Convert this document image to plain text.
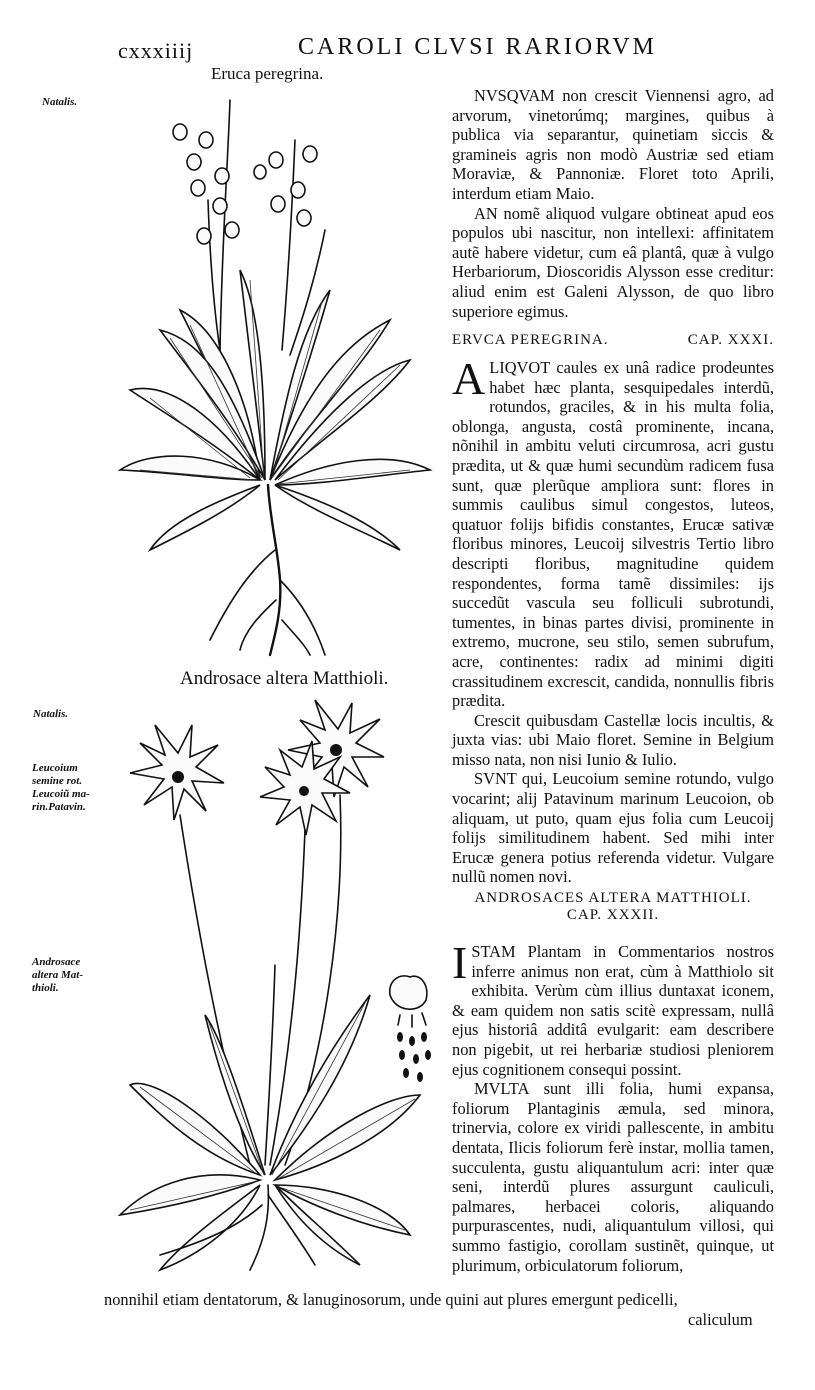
cxxxiiij	CAROLI CLVSI RARIORVM
Eruca peregrina.
Androsace altera Matthioli.
Natalis.
Natalis.
Leucoium
semine rot.
Leucoiũ ma-
rin.Patavin.
Androsace
altera Mat-
thioli.

NVSQVAM non crescit Viennensi agro, ad arvorum, vinetorúmq; margines, quibus à publica via separantur, quinetiam siccis & gramineis agris non modò Austriæ sed etiam Moraviæ, & Pannoniæ. Floret toto Aprili, interdum etiam Maio.

AN nomẽ aliquod vulgare obtineat apud eos populos ubi nascitur, non intellexi: affinitatem autẽ habere videtur, cum eâ plantâ, quæ à vulgo Herbariorum, Dioscoridis Alysson esse creditur: aliud enim est Galeni Alysson, de quo libro superiore egimus.

ERVCA PEREGRINA.	CAP. XXXI.

ALIQVOT caules ex unâ radice prodeuntes habet hæc planta, sesquipedales interdũ, rotundos, graciles, & in his multa folia, oblonga, angusta, costâ prominente, incana, nõnihil in ambitu veluti circumrosa, acri gustu prædita, ut & quæ humi secundùm radicem fusa sunt, quæ plerũque ampliora sunt: flores in summis caulibus simul congestos, luteos, quatuor folijs bifidis constantes, Erucæ sativæ floribus minores, Leucoij silvestris Tertio libro descripti floribus, magnitudine quidem respondentes, forma tamẽ dissimiles: ijs succedũt vascula seu folliculi subrotundi, tumentes, in binas partes divisi, prominente in extremo, mucrone, seu stilo, semen subrufum, acre, continentes: radix ad minimi digiti crassitudinem excrescit, candida, nonnullis fibris prædita.

Crescit quibusdam Castellæ locis incultis, & juxta vias: ubi Maio floret. Semine in Belgium misso nata, non nisi Iunio & Iulio.

SVNT qui, Leucoium semine rotundo, vulgo vocarint; alij Patavinum marinum Leucoion, ob aliquam, ut puto, quam ejus folia cum Leucoij folijs similitudinem habent. Sed mihi inter Erucæ genera potius referenda videtur. Vulgare nullũ nomen novi.

ANDROSACES ALTERA MATTHIOLI.
CAP. XXXII.

ISTAM Plantam in Commentarios nostros inferre animus non erat, cùm à Matthiolo sit exhibita. Verùm cùm illius duntaxat iconem, & eam quidem non satis scitè expressam, nullâ ejus historiâ additâ evulgarit: eam describere non pigebit, ut rei herbariæ studiosi pleniorem ejus cognitionem consequi possint.

MVLTA sunt illi folia, humi expansa, foliorum Plantaginis æmula, sed minora, trinervia, colore ex viridi pallescente, in ambitu dentata, Ilicis foliorum ferè instar, mollia tamen, succulenta, gustu aliquantulum acri: inter quæ seni, interdũ plures assurgunt cauliculi, palmares, herbacei coloris, aliquando purpurascentes, nudi, aliquantulum villosi, qui summo fastigio, corollam sustinẽt, quinque, ut plurimum, orbiculatorum foliorum,

nonnihil etiam dentatorum, & lanuginosorum, unde quini aut plures emergunt pedicelli,
caliculum
